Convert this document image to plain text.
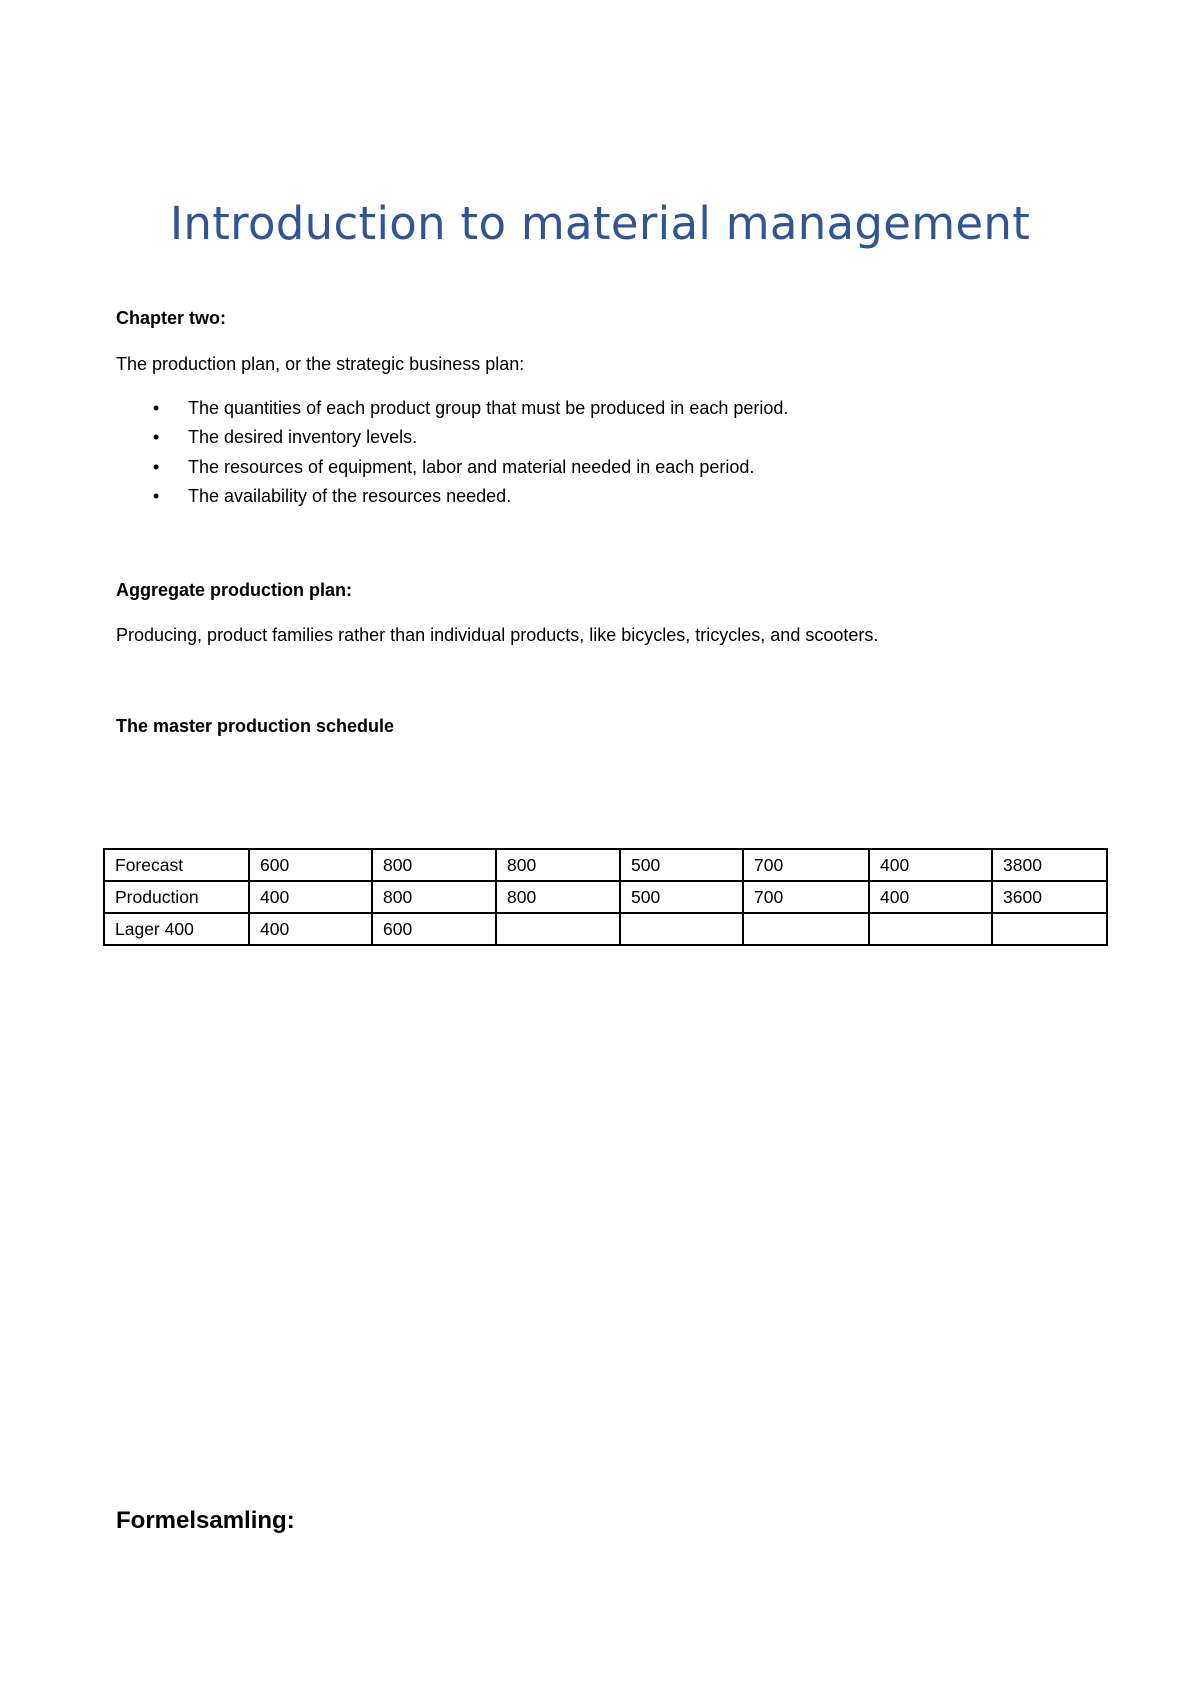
Introduction to material management

Chapter two:

The production plan, or the strategic business plan:

• The quantities of each product group that must be produced in each period.
• The desired inventory levels.
• The resources of equipment, labor and material needed in each period.
• The availability of the resources needed.

Aggregate production plan:

Producing, product families rather than individual products, like bicycles, tricycles, and scooters.

The master production schedule

Forecast	600	800	800	500	700	400	3800
Production	400	800	800	500	700	400	3600
Lager 400	400	600					

Formelsamling:
